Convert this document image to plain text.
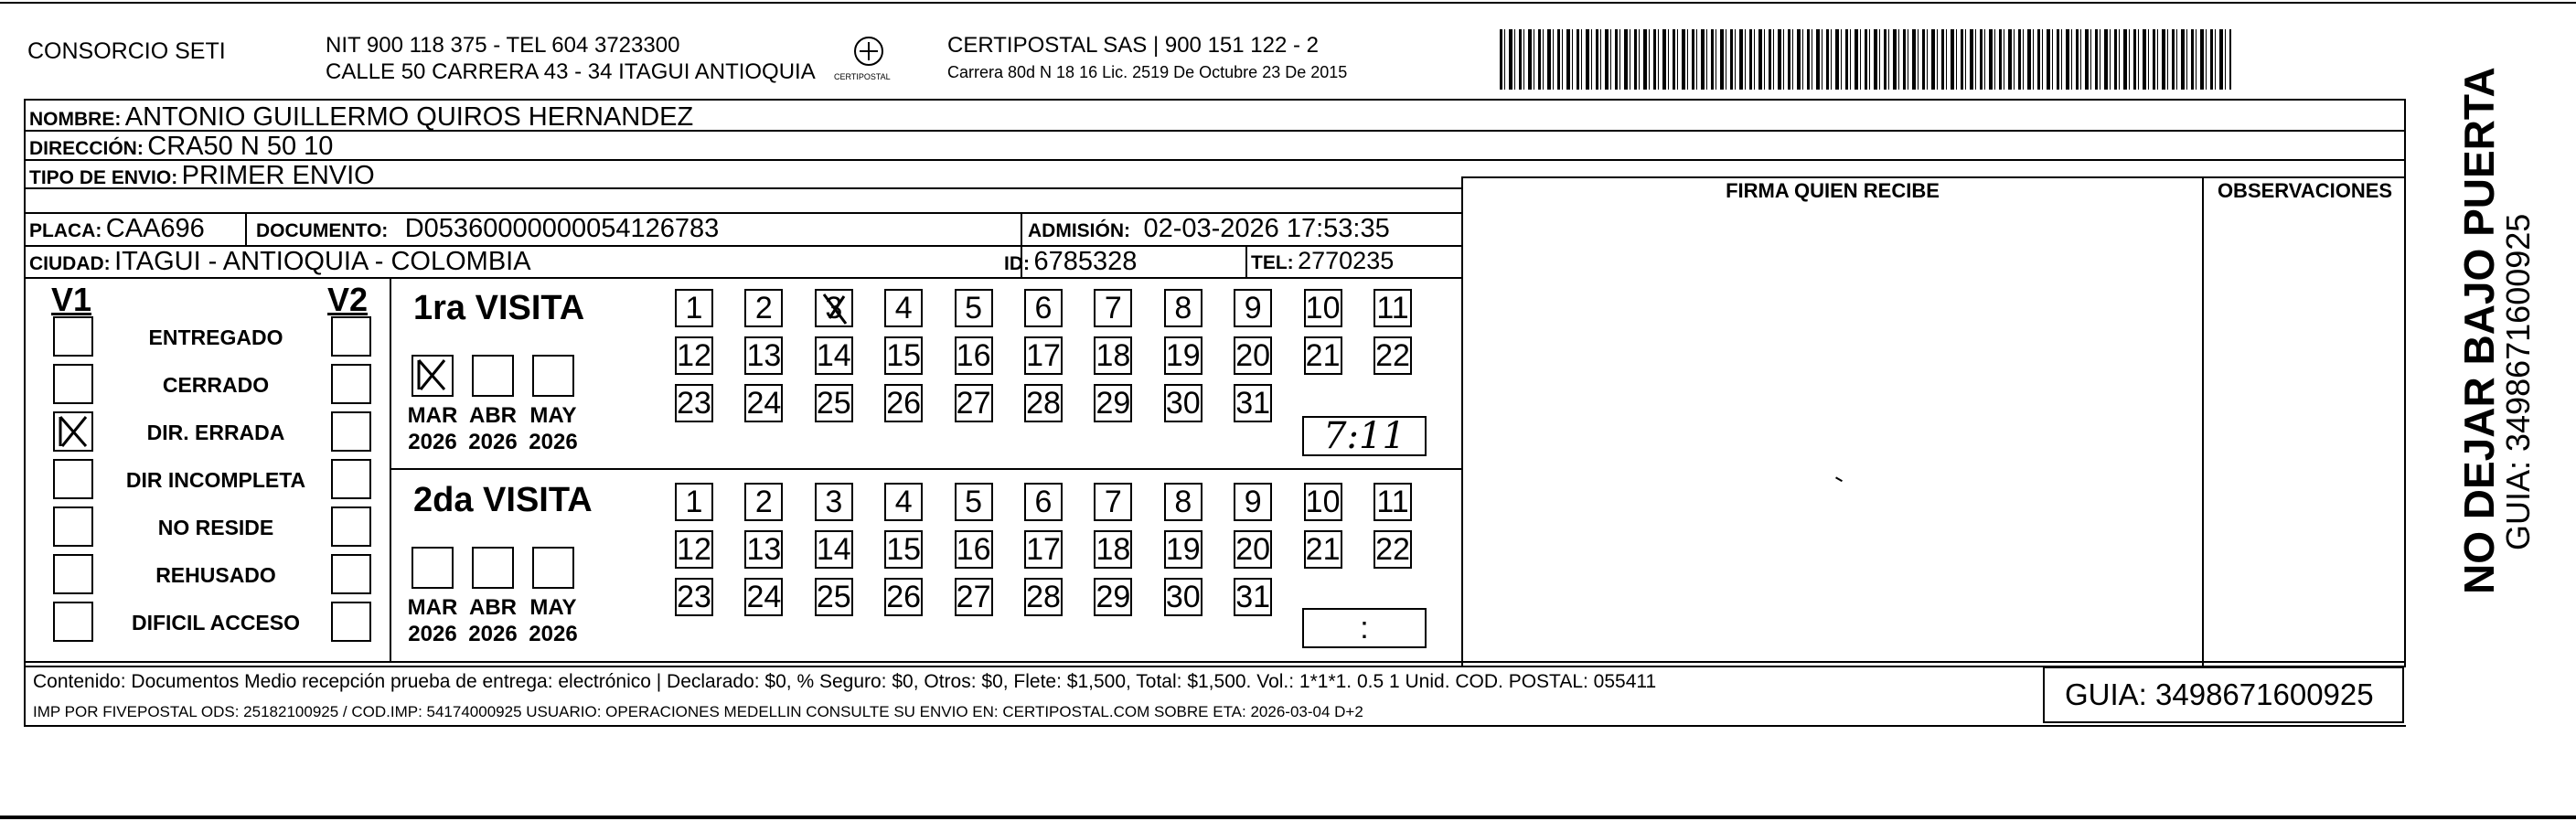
CONSORCIO SETI	NIT 900 118 375 - TEL 604 3723300
CALLE 50 CARRERA 43 - 34 ITAGUI ANTIOQUIA CERTIPOSTAL
CERTIPOSTAL SAS | 900 151 122 - 2
Carrera 80d N 18 16 Lic. 2519 De Octubre 23 De 2015
NOMBRE: ANTONIO GUILLERMO QUIROS HERNANDEZ
DIRECCIÓN: CRA50 N 50 10
TIPO DE ENVIO: PRIMER ENVIO
PLACA: CAA696	DOCUMENTO: D05360000000054126783	ADMISIÓN: 02-03-2026 17:53:35
CIUDAD: ITAGUI - ANTIOQUIA - COLOMBIA	ID: 6785328	TEL: 2770235
FIRMA QUIEN RECIBE	OBSERVACIONES
V1	V2
ENTREGADO
CERRADO
DIR. ERRADA
DIR INCOMPLETA
NO RESIDE
REHUSADO
DIFICIL ACCESO
1ra VISITA
MAR
2026
ABR
2026
MAY
2026
1 2 3 4 5 6 7 8 9 10 11
12 13 14 15 16 17 18 19 20 21 22
23 24 25 26 27 28 29 30 31
7:11
2da VISITA
MAR
2026
ABR
2026
MAY
2026
1 2 3 4 5 6 7 8 9 10 11
12 13 14 15 16 17 18 19 20 21 22
23 24 25 26 27 28 29 30 31
:
Contenido: Documentos Medio recepción prueba de entrega: electrónico | Declarado: $0, % Seguro: $0, Otros: $0, Flete: $1,500, Total: $1,500. Vol.: 1*1*1. 0.5 1 Unid. COD. POSTAL: 055411
IMP POR FIVEPOSTAL ODS: 25182100925 / COD.IMP: 54174000925 USUARIO: OPERACIONES MEDELLIN CONSULTE SU ENVIO EN: CERTIPOSTAL.COM SOBRE ETA: 2026-03-04 D+2
GUIA: 3498671600925
NO DEJAR BAJO PUERTA
GUIA: 3498671600925
